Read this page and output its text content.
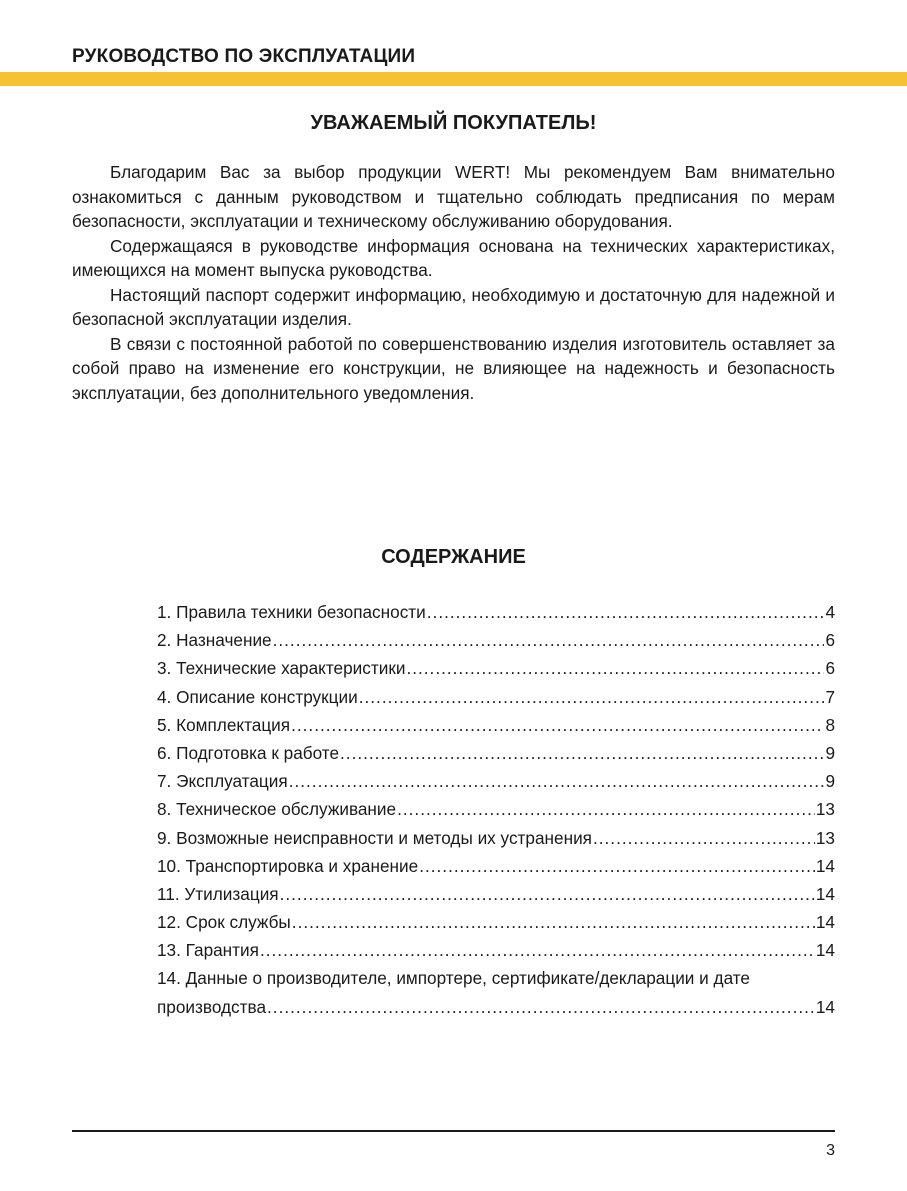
РУКОВОДСТВО ПО ЭКСПЛУАТАЦИИ
УВАЖАЕМЫЙ ПОКУПАТЕЛЬ!

Благодарим Вас за выбор продукции WERT! Мы рекомендуем Вам внимательно ознакомиться с данным руководством и тщательно соблюдать предписания по мерам безопасности, эксплуатации и техническому обслуживанию оборудования.

Содержащаяся в руководстве информация основана на технических характеристиках, имеющихся на момент выпуска руководства.

Настоящий паспорт содержит информацию, необходимую и достаточную для надежной и безопасной эксплуатации изделия.

В связи с постоянной работой по совершенствованию изделия изготовитель оставляет за собой право на изменение его конструкции, не влияющее на надежность и безопасность эксплуатации, без дополнительного уведомления.

СОДЕРЖАНИЕ
1. Правила техники безопасности .....	4
2. Назначение .....	6
3. Технические характеристики .....	6
4. Описание конструкции .....	7
5. Комплектация .....	8
6. Подготовка к работе .....	9
7. Эксплуатация .....	9
8. Техническое обслуживание .....	13
9. Возможные неисправности и методы их устранения .....	13
10. Транспортировка и хранение .....	14
11. Утилизация .....	14
12. Срок службы .....	14
13. Гарантия .....	14
14. Данные о производителе, импортере, сертификате/декларации и дате
производства .....	14
3
